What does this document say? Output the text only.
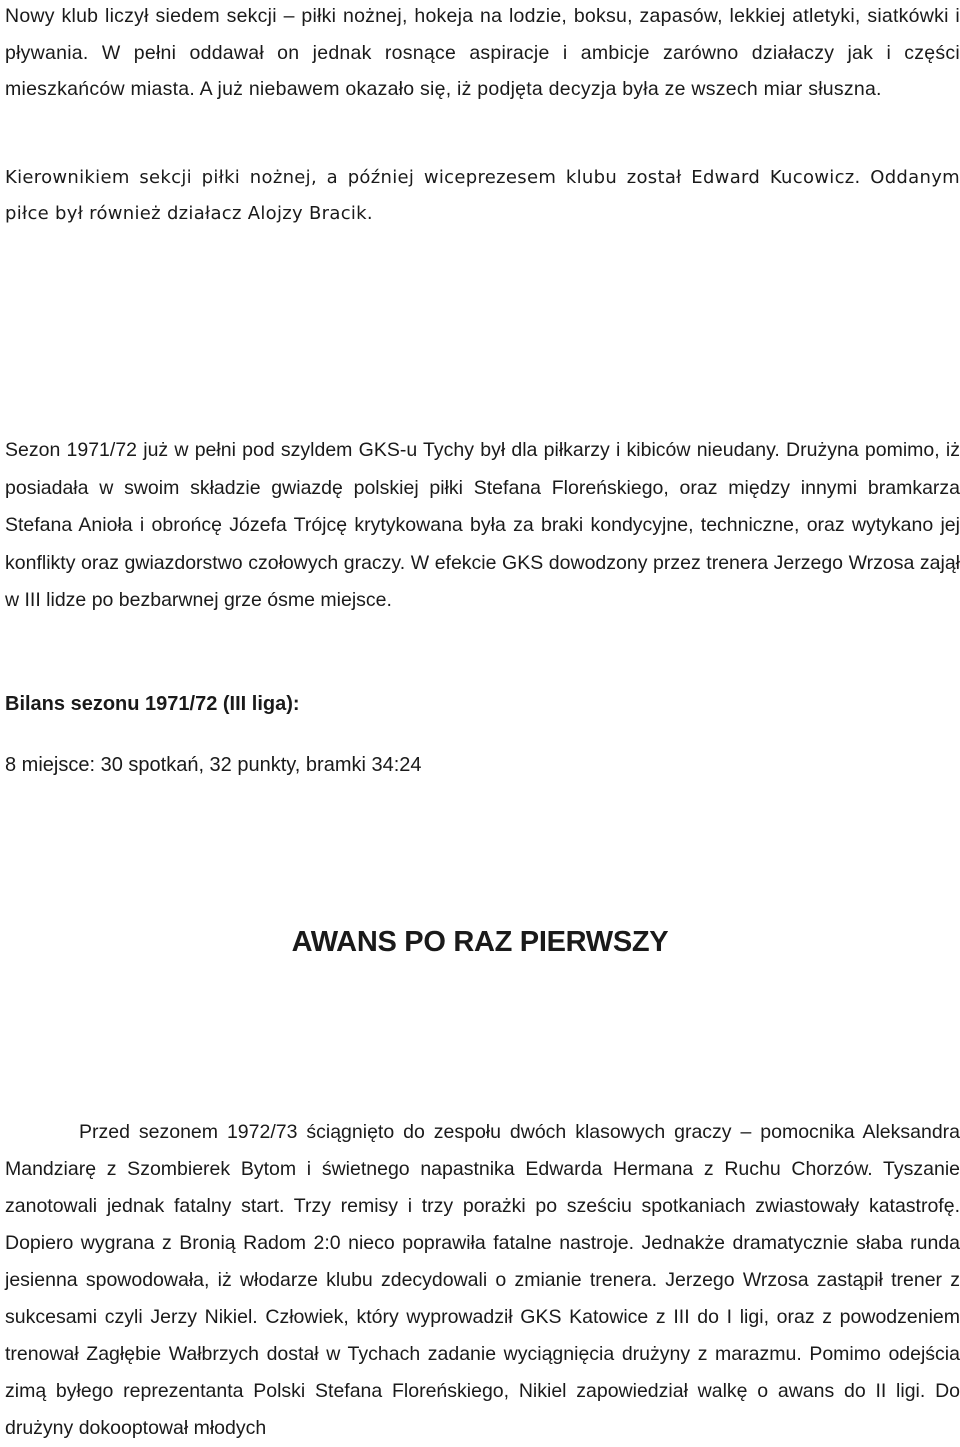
Nowy klub liczył siedem sekcji – piłki nożnej, hokeja na lodzie, boksu, zapasów, lekkiej atletyki, siatkówki i pływania. W pełni oddawał on jednak rosnące aspiracje i ambicje zarówno działaczy jak i części mieszkańców miasta. A już niebawem okazało się, iż podjęta decyzja była ze wszech miar słuszna.

Kierownikiem sekcji piłki nożnej, a później wiceprezesem klubu został Edward Kucowicz. Oddanym piłce był również działacz Alojzy Bracik.

Sezon 1971/72 już w pełni pod szyldem GKS-u Tychy był dla piłkarzy i kibiców nieudany. Drużyna pomimo, iż posiadała w swoim składzie gwiazdę polskiej piłki Stefana Floreńskiego, oraz między innymi bramkarza Stefana Anioła i obrońcę Józefa Trójcę krytykowana była za braki kondycyjne, techniczne, oraz wytykano jej konflikty oraz gwiazdorstwo czołowych graczy. W efekcie GKS dowodzony przez trenera Jerzego Wrzosa zajął w III lidze po bezbarwnej grze ósme miejsce.

Bilans sezonu 1971/72 (III liga):

8 miejsce: 30 spotkań, 32 punkty, bramki 34:24

AWANS PO RAZ PIERWSZY

Przed sezonem 1972/73 ściągnięto do zespołu dwóch klasowych graczy – pomocnika Aleksandra Mandziarę z Szombierek Bytom i świetnego napastnika Edwarda Hermana z Ruchu Chorzów. Tyszanie zanotowali jednak fatalny start. Trzy remisy i trzy porażki po sześciu spotkaniach zwiastowały katastrofę. Dopiero wygrana z Bronią Radom 2:0 nieco poprawiła fatalne nastroje. Jednakże dramatycznie słaba runda jesienna spowodowała, iż włodarze klubu zdecydowali o zmianie trenera. Jerzego Wrzosa zastąpił trener z sukcesami czyli Jerzy Nikiel. Człowiek, który wyprowadził GKS Katowice z III do I ligi, oraz z powodzeniem trenował Zagłębie Wałbrzych dostał w Tychach zadanie wyciągnięcia drużyny z marazmu. Pomimo odejścia zimą byłego reprezentanta Polski Stefana Floreńskiego, Nikiel zapowiedział walkę o awans do II ligi. Do drużyny dokooptował młodych
